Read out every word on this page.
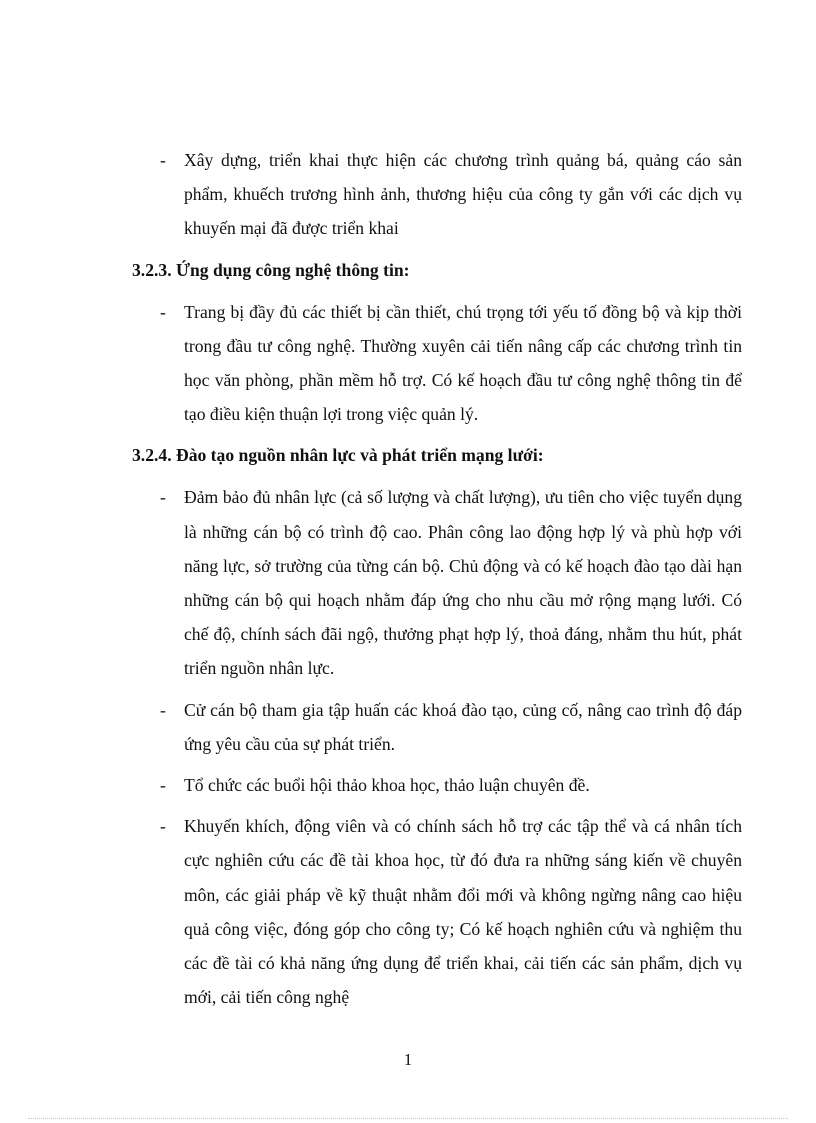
- Xây dựng, triển khai thực hiện các chương trình quảng bá, quảng cáo sản phẩm, khuếch trương hình ảnh, thương hiệu của công ty gắn với các dịch vụ khuyến mại đã được triển khai
3.2.3. Ứng dụng công nghệ thông tin:
- Trang bị đầy đủ các thiết bị cần thiết, chú trọng tới yếu tố đồng bộ và kịp thời trong đầu tư công nghệ. Thường xuyên cải tiến nâng cấp các chương trình tin học văn phòng, phần mềm hỗ trợ. Có kế hoạch đầu tư công nghệ thông tin để tạo điều kiện thuận lợi trong việc quản lý.
3.2.4. Đào tạo nguồn nhân lực và phát triển mạng lưới:
- Đảm bảo đủ nhân lực (cả số lượng và chất lượng), ưu tiên cho việc tuyển dụng là những cán bộ có trình độ cao. Phân công lao động hợp lý và phù hợp với năng lực, sở trường của từng cán bộ. Chủ động và có kế hoạch đào tạo dài hạn những cán bộ qui hoạch nhằm đáp ứng cho nhu cầu mở rộng mạng lưới. Có chế độ, chính sách đãi ngộ, thưởng phạt hợp lý, thoả đáng, nhằm thu hút, phát triển nguồn nhân lực.
- Cử cán bộ tham gia tập huấn các khoá đào tạo, củng cố, nâng cao trình độ đáp ứng yêu cầu của sự phát triển.
- Tổ chức các buổi hội thảo khoa học, thảo luận chuyên đề.
- Khuyến khích, động viên và có chính sách hỗ trợ các tập thể và cá nhân tích cực nghiên cứu các đề tài khoa học, từ đó đưa ra những sáng kiến về chuyên môn, các giải pháp về kỹ thuật nhằm đổi mới và không ngừng nâng cao hiệu quả công việc, đóng góp cho công ty; Có kế hoạch nghiên cứu và nghiệm thu các đề tài có khả năng ứng dụng để triển khai, cải tiến các sản phẩm, dịch vụ mới, cải tiến công nghệ
1
